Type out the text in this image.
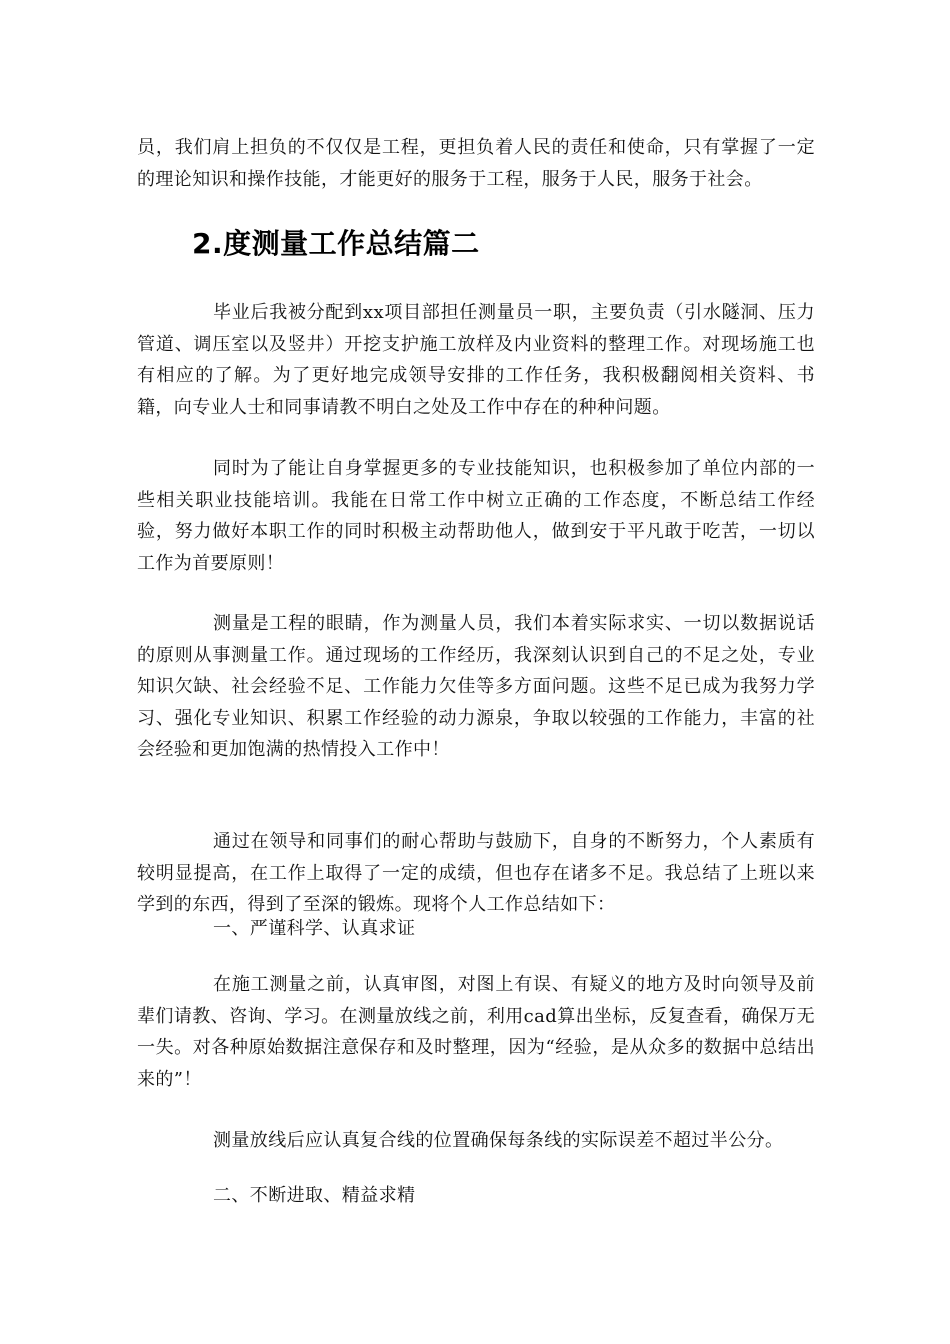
员，我们肩上担负的不仅仅是工程，更担负着人民的责任和使命，只有掌握了一定的理论知识和操作技能，才能更好的服务于工程，服务于人民，服务于社会。

2.度测量工作总结篇二

毕业后我被分配到xx项目部担任测量员一职，主要负责（引水隧洞、压力管道、调压室以及竖井）开挖支护施工放样及内业资料的整理工作。对现场施工也有相应的了解。为了更好地完成领导安排的工作任务，我积极翻阅相关资料、书籍，向专业人士和同事请教不明白之处及工作中存在的种种问题。

同时为了能让自身掌握更多的专业技能知识，也积极参加了单位内部的一些相关职业技能培训。我能在日常工作中树立正确的工作态度，不断总结工作经验，努力做好本职工作的同时积极主动帮助他人，做到安于平凡敢于吃苦，一切以工作为首要原则！

测量是工程的眼睛，作为测量人员，我们本着实际求实、一切以数据说话的原则从事测量工作。通过现场的工作经历，我深刻认识到自己的不足之处，专业知识欠缺、社会经验不足、工作能力欠佳等多方面问题。这些不足已成为我努力学习、强化专业知识、积累工作经验的动力源泉，争取以较强的工作能力，丰富的社会经验和更加饱满的热情投入工作中！

通过在领导和同事们的耐心帮助与鼓励下，自身的不断努力，个人素质有较明显提高，在工作上取得了一定的成绩，但也存在诸多不足。我总结了上班以来学到的东西，得到了至深的锻炼。现将个人工作总结如下：

一、严谨科学、认真求证

在施工测量之前，认真审图，对图上有误、有疑义的地方及时向领导及前辈们请教、咨询、学习。在测量放线之前，利用cad算出坐标，反复查看，确保万无一失。对各种原始数据注意保存和及时整理，因为“经验，是从众多的数据中总结出来的”！

测量放线后应认真复合线的位置确保每条线的实际误差不超过半公分。

二、不断进取、精益求精
